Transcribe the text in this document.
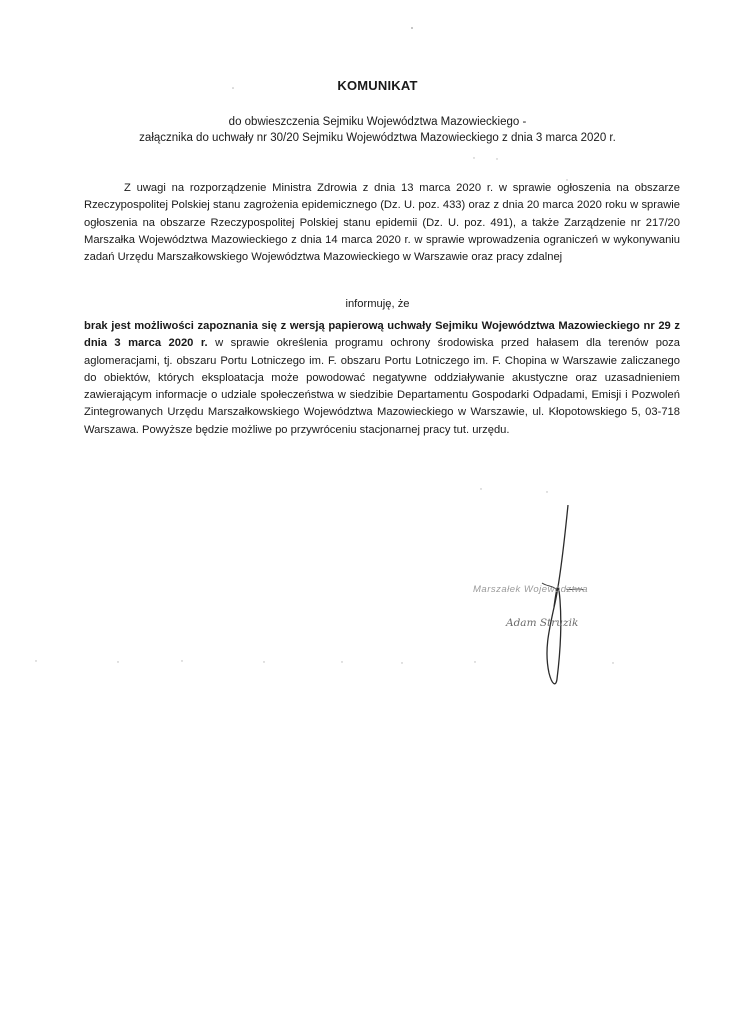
KOMUNIKAT
do obwieszczenia Sejmiku Województwa Mazowieckiego -
załącznika do uchwały nr 30/20 Sejmiku Województwa Mazowieckiego z dnia 3 marca 2020 r.
Z uwagi na rozporządzenie Ministra Zdrowia z dnia 13 marca 2020 r. w sprawie ogłoszenia na obszarze Rzeczypospolitej Polskiej stanu zagrożenia epidemicznego (Dz. U. poz. 433) oraz z dnia 20 marca 2020 roku w sprawie ogłoszenia na obszarze Rzeczypospolitej Polskiej stanu epidemii (Dz. U. poz. 491), a także Zarządzenie nr 217/20 Marszałka Województwa Mazowieckiego z dnia 14 marca 2020 r. w sprawie wprowadzenia ograniczeń w wykonywaniu zadań Urzędu Marszałkowskiego Województwa Mazowieckiego w Warszawie oraz pracy zdalnej
informuję, że
brak jest możliwości zapoznania się z wersją papierową uchwały Sejmiku Województwa Mazowieckiego nr 29 z dnia 3 marca 2020 r. w sprawie określenia programu ochrony środowiska przed hałasem dla terenów poza aglomeracjami, tj. obszaru Portu Lotniczego im. F. obszaru Portu Lotniczego im. F. Chopina w Warszawie zaliczanego do obiektów, których eksploatacja może powodować negatywne oddziaływanie akustyczne oraz uzasadnieniem zawierającym informacje o udziale społeczeństwa w siedzibie Departamentu Gospodarki Odpadami, Emisji i Pozwoleń Zintegrowanych Urzędu Marszałkowskiego Województwa Mazowieckiego w Warszawie, ul. Kłopotowskiego 5, 03-718 Warszawa. Powyższe będzie możliwe po przywróceniu stacjonarnej pracy tut. urzędu.
Marszałek Województwa
Adam Struzik
